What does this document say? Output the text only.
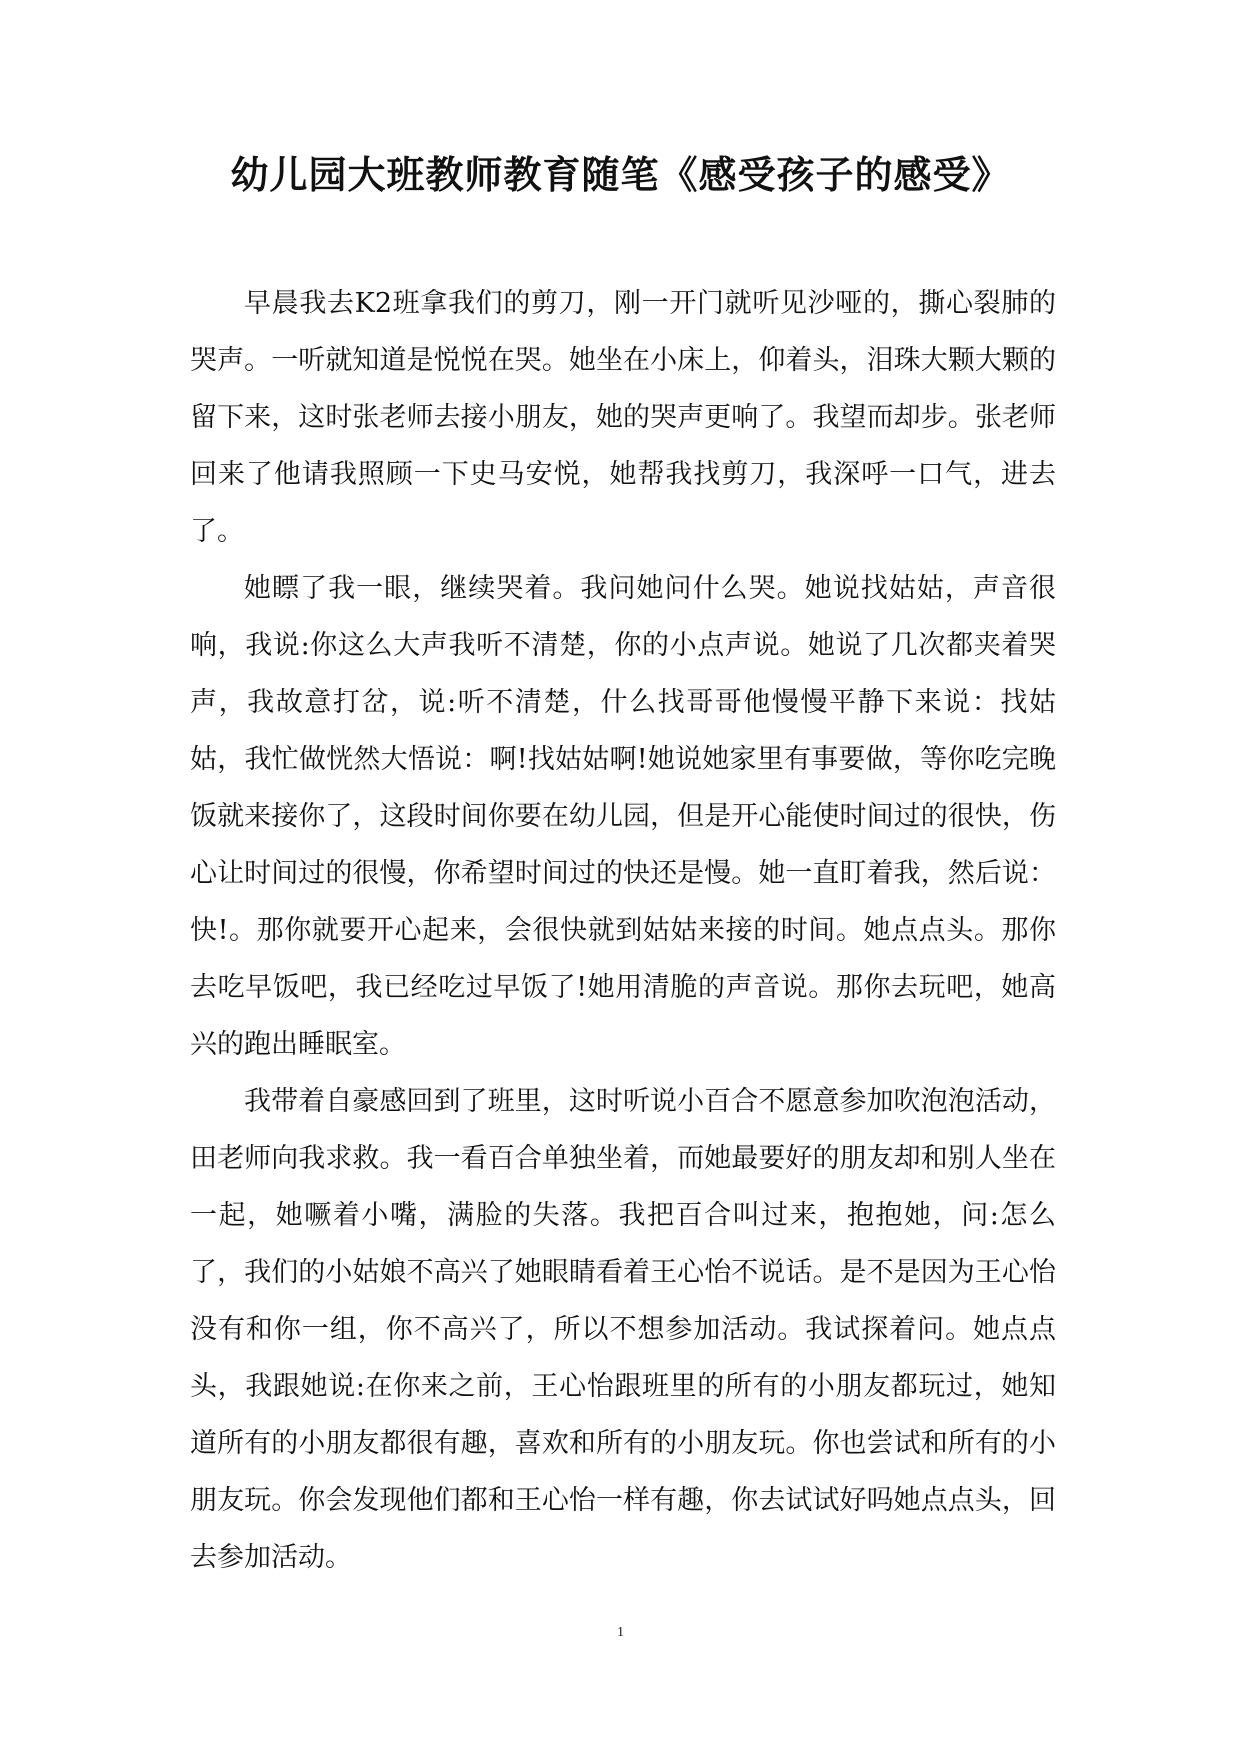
幼儿园大班教师教育随笔《感受孩子的感受》

早晨我去K2班拿我们的剪刀，刚一开门就听见沙哑的，撕心裂肺的哭声。一听就知道是悦悦在哭。她坐在小床上，仰着头，泪珠大颗大颗的留下来，这时张老师去接小朋友，她的哭声更响了。我望而却步。张老师回来了他请我照顾一下史马安悦，她帮我找剪刀，我深呼一口气，进去了。

她瞟了我一眼，继续哭着。我问她问什么哭。她说找姑姑，声音很响，我说:你这么大声我听不清楚，你的小点声说。她说了几次都夹着哭声，我故意打岔，说:听不清楚，什么找哥哥他慢慢平静下来说：找姑姑，我忙做恍然大悟说：啊!找姑姑啊!她说她家里有事要做，等你吃完晚饭就来接你了，这段时间你要在幼儿园，但是开心能使时间过的很快，伤心让时间过的很慢，你希望时间过的快还是慢。她一直盯着我，然后说：快!。那你就要开心起来，会很快就到姑姑来接的时间。她点点头。那你去吃早饭吧，我已经吃过早饭了!她用清脆的声音说。那你去玩吧，她高兴的跑出睡眠室。

我带着自豪感回到了班里，这时听说小百合不愿意参加吹泡泡活动，田老师向我求救。我一看百合单独坐着，而她最要好的朋友却和别人坐在一起，她噘着小嘴，满脸的失落。我把百合叫过来，抱抱她，问:怎么了，我们的小姑娘不高兴了她眼睛看着王心怡不说话。是不是因为王心怡没有和你一组，你不高兴了，所以不想参加活动。我试探着问。她点点头，我跟她说:在你来之前，王心怡跟班里的所有的小朋友都玩过，她知道所有的小朋友都很有趣，喜欢和所有的小朋友玩。你也尝试和所有的小朋友玩。你会发现他们都和王心怡一样有趣，你去试试好吗她点点头，回去参加活动。

1
